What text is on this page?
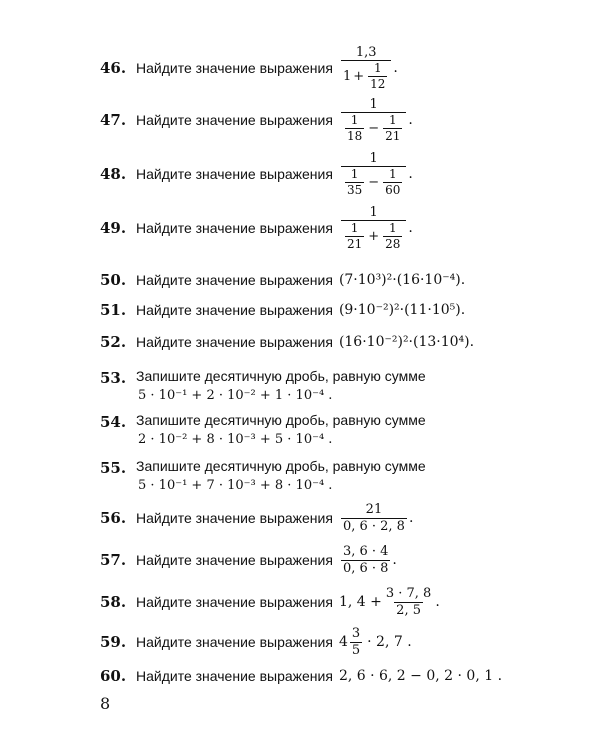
46. Найдите значение выражения $\frac{1,3}{1 + \frac{1}{12}}$ .
47. Найдите значение выражения $\frac{1}{\frac{1}{18} - \frac{1}{21}}$ .
48. Найдите значение выражения $\frac{1}{\frac{1}{35} - \frac{1}{60}}$ .
49. Найдите значение выражения $\frac{1}{\frac{1}{21} + \frac{1}{28}}$ .
50. Найдите значение выражения (7·10³)²·(16·10⁻⁴).
51. Найдите значение выражения (9·10⁻²)²·(11·10⁵).
52. Найдите значение выражения (16·10⁻²)²·(13·10⁴).
53. Запишите десятичную дробь, равную сумме
5 · 10⁻¹ + 2 · 10⁻² + 1 · 10⁻⁴ .
54. Запишите десятичную дробь, равную сумме
2 · 10⁻² + 8 · 10⁻³ + 5 · 10⁻⁴ .
55. Запишите десятичную дробь, равную сумме
5 · 10⁻¹ + 7 · 10⁻³ + 8 · 10⁻⁴ .
56. Найдите значение выражения $\frac{21}{0, 6 \cdot 2, 8}$ .
57. Найдите значение выражения $\frac{3, 6 \cdot 4}{0, 6 \cdot 8}$ .
58. Найдите значение выражения 1, $4 + \frac{3 \cdot 7, 8}{2, 5}$ .
59. Найдите значение выражения $4 \frac{3}{5} \cdot 2$, 7 .
60. Найдите значение выражения 2, 6 · 6, 2 − 0, 2 · 0, 1 .
8
